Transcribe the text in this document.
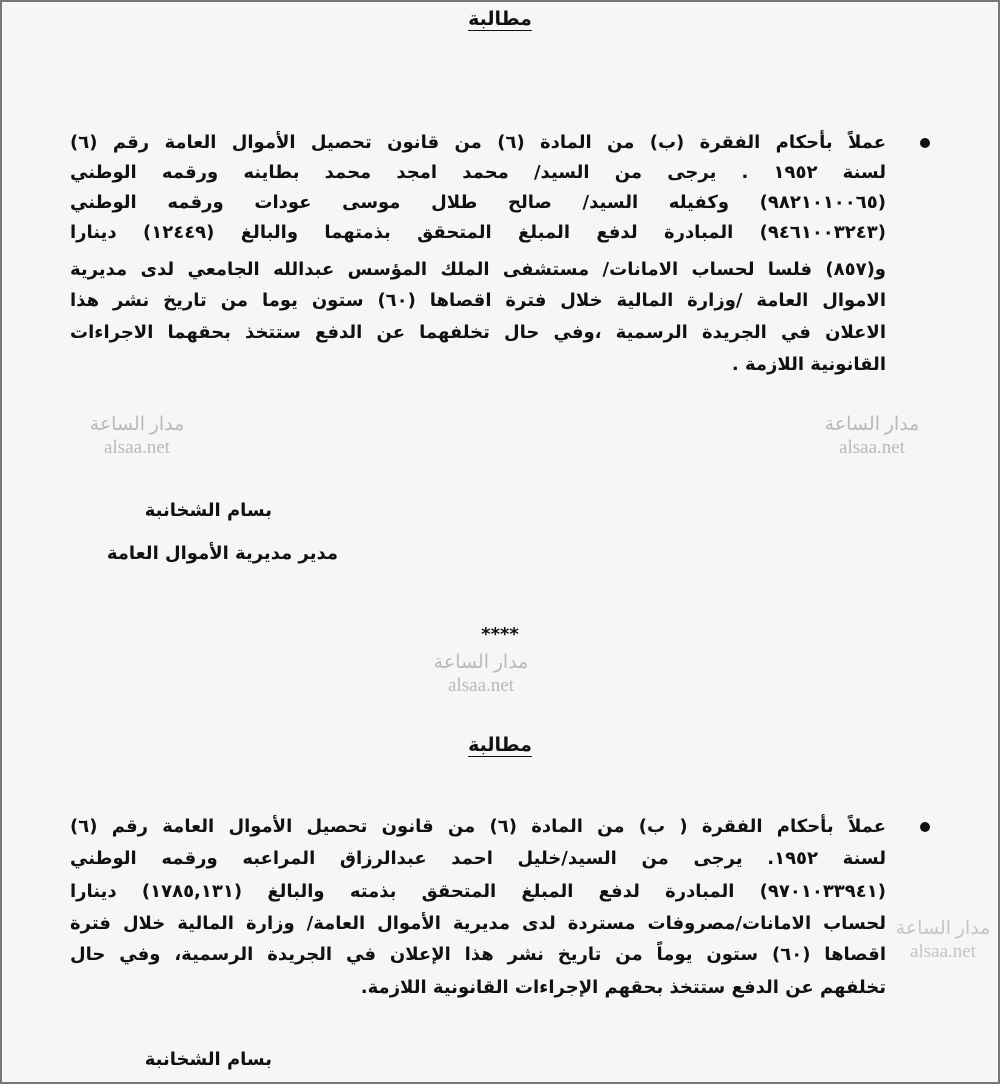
مطالبة
عملاً بأحكام الفقرة (ب) من المادة (٦) من قانون تحصيل الأموال العامة رقم (٦)
لسنة ١٩٥٢ . يرجى من السيد/ محمد امجد محمد بطاينه ورقمه الوطني
(٩٨٢١٠١٠٠٦٥) وكفيله السيد/ صالح طلال موسى عودات ورقمه الوطني
(٩٤٦١٠٠٣٢٤٣) المبادرة لدفع المبلغ المتحقق بذمتهما والبالغ (١٢٤٤٩) دينارا
و(٨٥٧) فلسا لحساب الامانات/ مستشفى الملك المؤسس عبدالله الجامعي لدى مديرية
الاموال العامة /وزارة المالية خلال فترة اقصاها (٦٠) ستون يوما من تاريخ نشر هذا
الاعلان في الجريدة الرسمية ،وفي حال تخلفهما عن الدفع ستتخذ بحقهما الاجراءات
القانونية اللازمة .
مدار الساعة
alsaa.net
مدار الساعة
alsaa.net
بسام الشخانبة
مدير مديرية الأموال العامة
****
مدار الساعة
alsaa.net
مطالبة
عملاً بأحكام الفقرة ( ب) من المادة (٦) من قانون تحصيل الأموال العامة رقم (٦)
لسنة ١٩٥٢. يرجى من السيد/خليل احمد عبدالرزاق المراعبه ورقمه الوطني
(٩٧٠١٠٣٣٩٤١) المبادرة لدفع المبلغ المتحقق بذمته والبالغ (١٧٨٥,١٣١) دينارا
لحساب الامانات/مصروفات مستردة لدى مديرية الأموال العامة/ وزارة المالية خلال فترة
اقصاها (٦٠) ستون يوماً من تاريخ نشر هذا الإعلان في الجريدة الرسمية، وفي حال
تخلفهم عن الدفع ستتخذ بحقهم الإجراءات القانونية اللازمة.
مدار الساعة
alsaa.net
بسام الشخانبة
